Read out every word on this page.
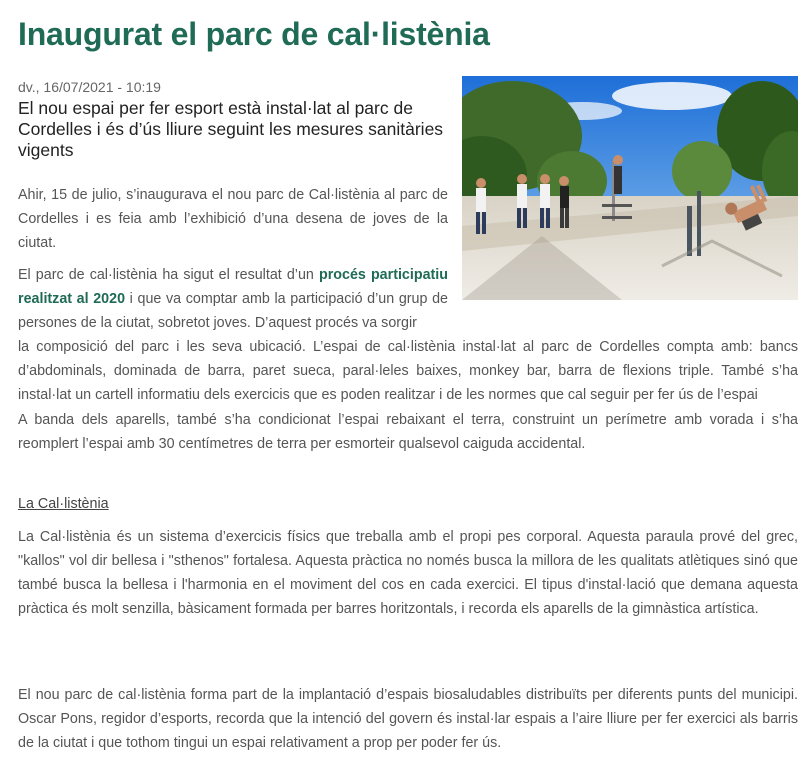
Inaugurat el parc de cal·listènia
dv., 16/07/2021 - 10:19
El nou espai per fer esport està instal·lat al parc de Cordelles i és d’ús lliure seguint les mesures sanitàries vigents

Ahir, 15 de julio, s’inaugurava el nou parc de Cal·listènia al parc de Cordelles i es feia amb l’exhibició d’una desena de joves de la ciutat.

El parc de cal·listènia ha sigut el resultat d’un procés participatiu realitzat al 2020 i que va comptar amb la participació d’un grup de persones de la ciutat, sobretot joves. D’aquest procés va sorgir

la composició del parc i les seva ubicació. L’espai de cal·listènia instal·lat al parc de Cordelles compta amb: bancs d’abdominals, dominada de barra, paret sueca, paral·leles baixes, monkey bar, barra de flexions triple. També s’ha instal·lat un cartell informatiu dels exercicis que es poden realitzar i de les normes que cal seguir per fer ús de l’espai

A banda dels aparells, també s’ha condicionat l’espai rebaixant el terra, construint un perímetre amb vorada i s’ha reomplert l’espai amb 30 centímetres de terra per esmorteir qualsevol caiguda accidental.

La Cal·listènia

La Cal·listènia és un sistema d’exercicis físics que treballa amb el propi pes corporal. Aquesta paraula prové del grec, "kallos" vol dir bellesa i "sthenos" fortalesa. Aquesta pràctica no només busca la millora de les qualitats atlètiques sinó que també busca la bellesa i l'harmonia en el moviment del cos en cada exercici. El tipus d'instal·lació que demana aquesta pràctica és molt senzilla, bàsicament formada per barres horitzontals, i recorda els aparells de la gimnàstica artística.

El nou parc de cal·listènia forma part de la implantació d’espais biosaludables distribuïts per diferents punts del municipi. Oscar Pons, regidor d’esports, recorda que la intenció del govern és instal·lar espais a l’aire lliure per fer exercici als barris de la ciutat i que tothom tingui un espai relativament a prop per poder fer ús.
